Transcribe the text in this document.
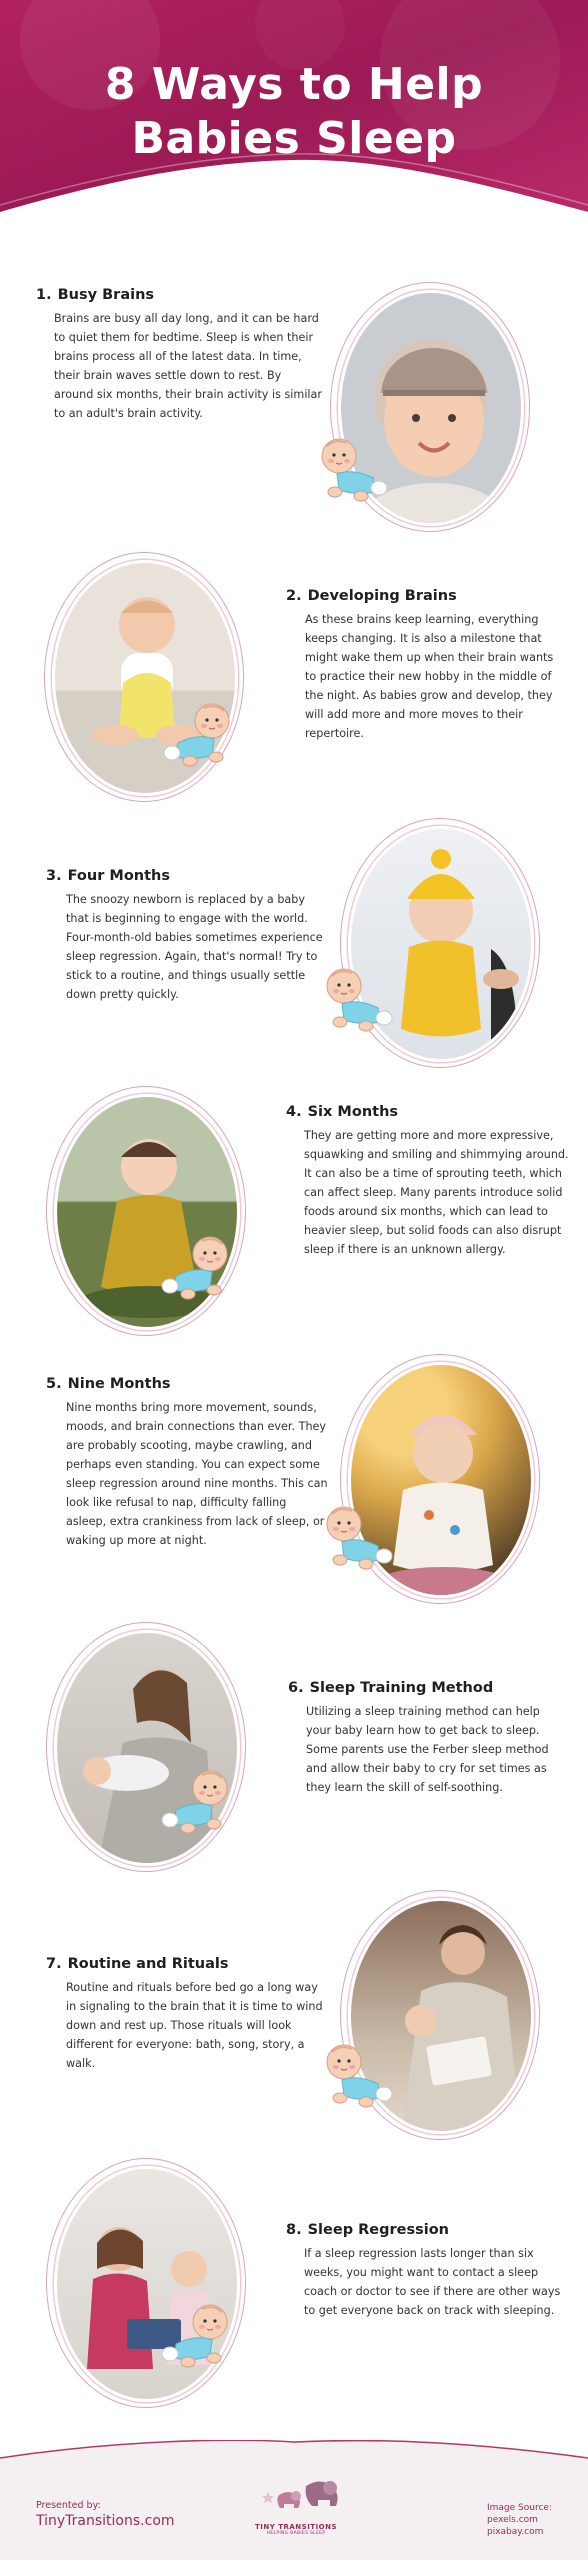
8 Ways to Help
Babies Sleep
1. Busy Brains
Brains are busy all day long, and it can be hard to quiet them for bedtime. Sleep is when their brains process all of the latest data. In time, their brain waves settle down to rest. By around six months, their brain activity is similar to an adult's brain activity.
2. Developing Brains
As these brains keep learning, everything keeps changing. It is also a milestone that might wake them up when their brain wants to practice their new hobby in the middle of the night. As babies grow and develop, they will add more and more moves to their repertoire.
3. Four Months
The snoozy newborn is replaced by a baby that is beginning to engage with the world. Four-month-old babies sometimes experience sleep regression. Again, that's normal! Try to stick to a routine, and things usually settle down pretty quickly.
4. Six Months
They are getting more and more expressive, squawking and smiling and shimmying around. It can also be a time of sprouting teeth, which can affect sleep. Many parents introduce solid foods around six months, which can lead to heavier sleep, but solid foods can also disrupt sleep if there is an unknown allergy.
5. Nine Months
Nine months bring more movement, sounds, moods, and brain connections than ever. They are probably scooting, maybe crawling, and perhaps even standing. You can expect some sleep regression around nine months. This can look like refusal to nap, difficulty falling asleep, extra crankiness from lack of sleep, or waking up more at night.
6. Sleep Training Method
Utilizing a sleep training method can help your baby learn how to get back to sleep. Some parents use the Ferber sleep method and allow their baby to cry for set times as they learn the skill of self-soothing.
7. Routine and Rituals
Routine and rituals before bed go a long way in signaling to the brain that it is time to wind down and rest up. Those rituals will look different for everyone: bath, song, story, a walk.
8. Sleep Regression
If a sleep regression lasts longer than six weeks, you might want to contact a sleep coach or doctor to see if there are other ways to get everyone back on track with sleeping.
Presented by:
TinyTransitions.com	TINY TRANSITIONS
HELPING BABIES SLEEP
Image Source:
pexels.com
pixabay.com
